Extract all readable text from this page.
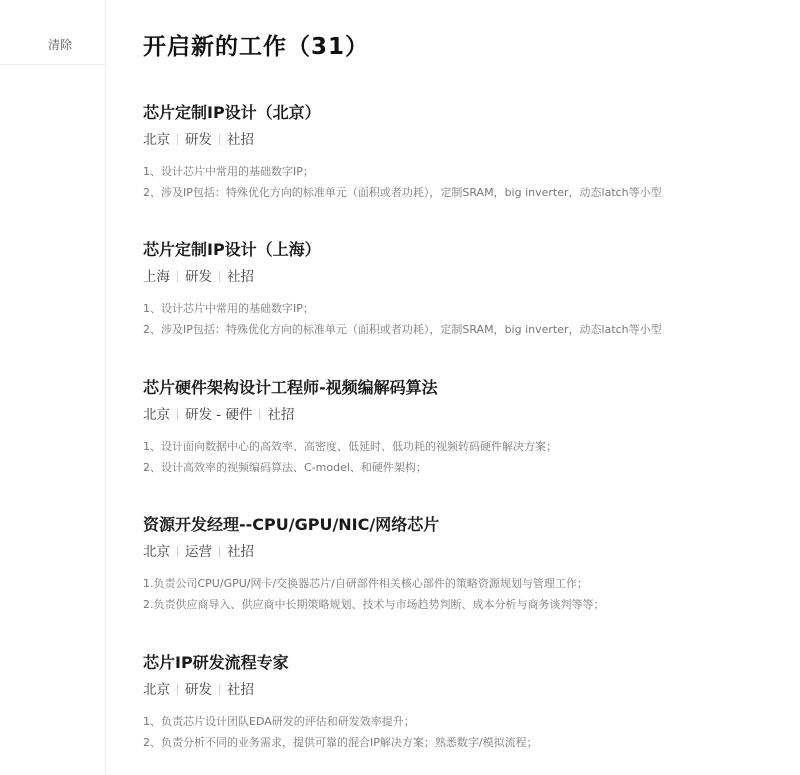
清除	开启新的工作（31）
芯片定制IP设计（北京）
北京 研发 社招
1、设计芯片中常用的基础数字IP；
2、涉及IP包括：特殊优化方向的标准单元（面积或者功耗），定制SRAM，big inverter，动态latch等小型
芯片定制IP设计（上海）
上海 研发 社招
1、设计芯片中常用的基础数字IP；
2、涉及IP包括：特殊优化方向的标准单元（面积或者功耗），定制SRAM，big inverter，动态latch等小型
芯片硬件架构设计工程师-视频编解码算法
北京 研发 - 硬件 社招
1、设计面向数据中心的高效率、高密度、低延时、低功耗的视频转码硬件解决方案；
2、设计高效率的视频编码算法、C-model、和硬件架构；
资源开发经理--CPU/GPU/NIC/网络芯片
北京 运营 社招
1.负责公司CPU/GPU/网卡/交换器芯片/自研部件相关核心部件的策略资源规划与管理工作；
2.负责供应商导入、供应商中长期策略规划、技术与市场趋势判断、成本分析与商务谈判等等；
芯片IP研发流程专家
北京 研发 社招
1、负责芯片设计团队EDA研发的评估和研发效率提升；
2、负责分析不同的业务需求，提供可靠的混合IP解决方案；熟悉数字/模拟流程；
